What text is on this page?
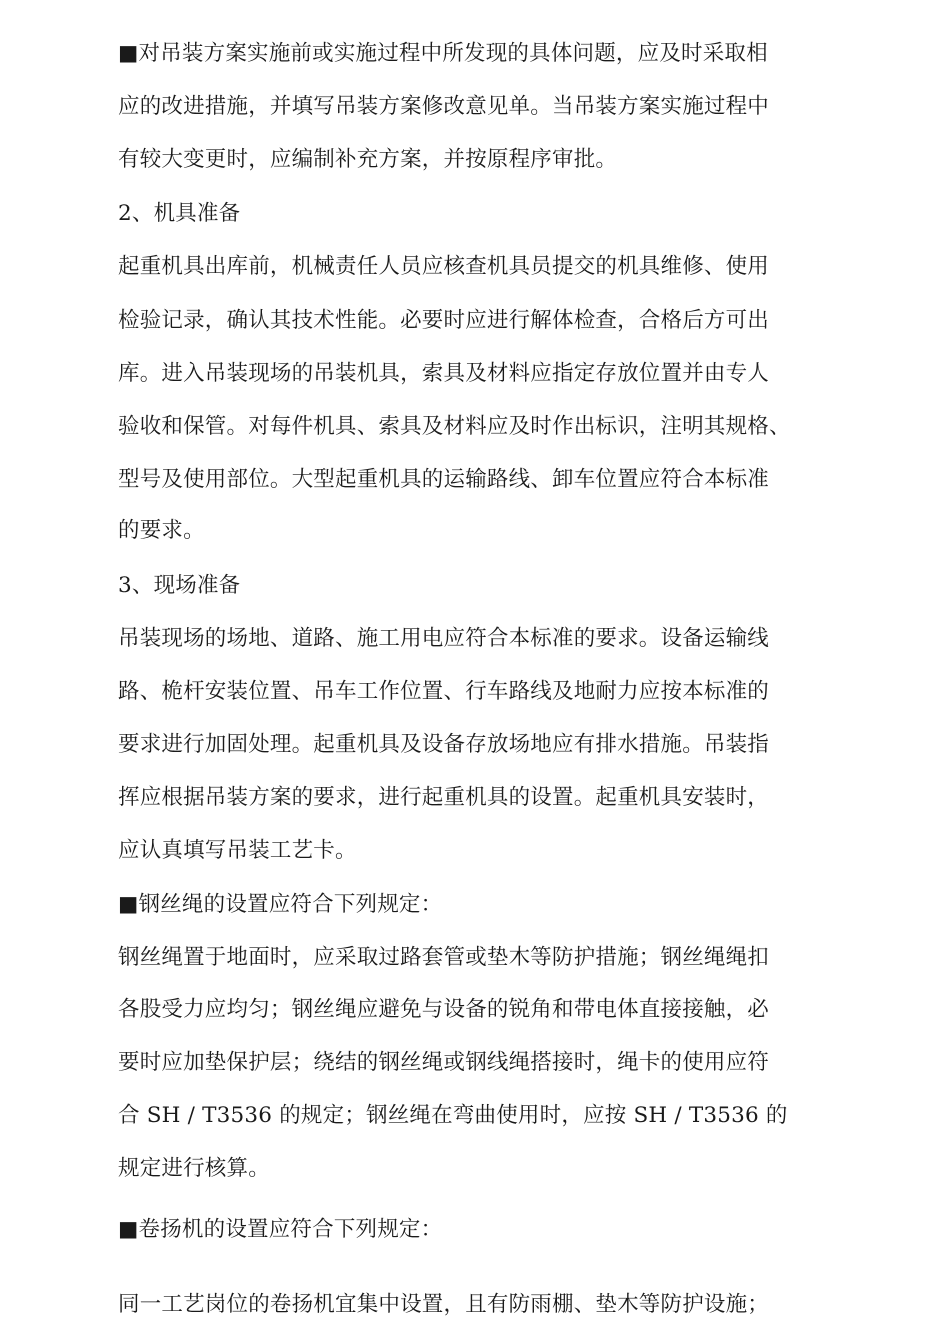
■对吊装方案实施前或实施过程中所发现的具体问题，应及时采取相
应的改进措施，并填写吊装方案修改意见单。当吊装方案实施过程中
有较大变更时，应编制补充方案，并按原程序审批。
2、机具准备
起重机具出库前，机械责任人员应核查机具员提交的机具维修、使用
检验记录，确认其技术性能。必要时应进行解体检查，合格后方可出
库。进入吊装现场的吊装机具，索具及材料应指定存放位置并由专人
验收和保管。对每件机具、索具及材料应及时作出标识，注明其规格、
型号及使用部位。大型起重机具的运输路线、卸车位置应符合本标准
的要求。
3、现场准备
吊装现场的场地、道路、施工用电应符合本标准的要求。设备运输线
路、桅杆安装位置、吊车工作位置、行车路线及地耐力应按本标准的
要求进行加固处理。起重机具及设备存放场地应有排水措施。吊装指
挥应根据吊装方案的要求，进行起重机具的设置。起重机具安装时，
应认真填写吊装工艺卡。
■钢丝绳的设置应符合下列规定：
钢丝绳置于地面时，应采取过路套管或垫木等防护措施；钢丝绳绳扣
各股受力应均匀；钢丝绳应避免与设备的锐角和带电体直接接触，必
要时应加垫保护层；绕结的钢丝绳或钢线绳搭接时，绳卡的使用应符
合 SH / T3536 的规定；钢丝绳在弯曲使用时，应按 SH / T3536 的
规定进行核算。
■卷扬机的设置应符合下列规定：
同一工艺岗位的卷扬机宜集中设置，且有防雨棚、垫木等防护设施；
